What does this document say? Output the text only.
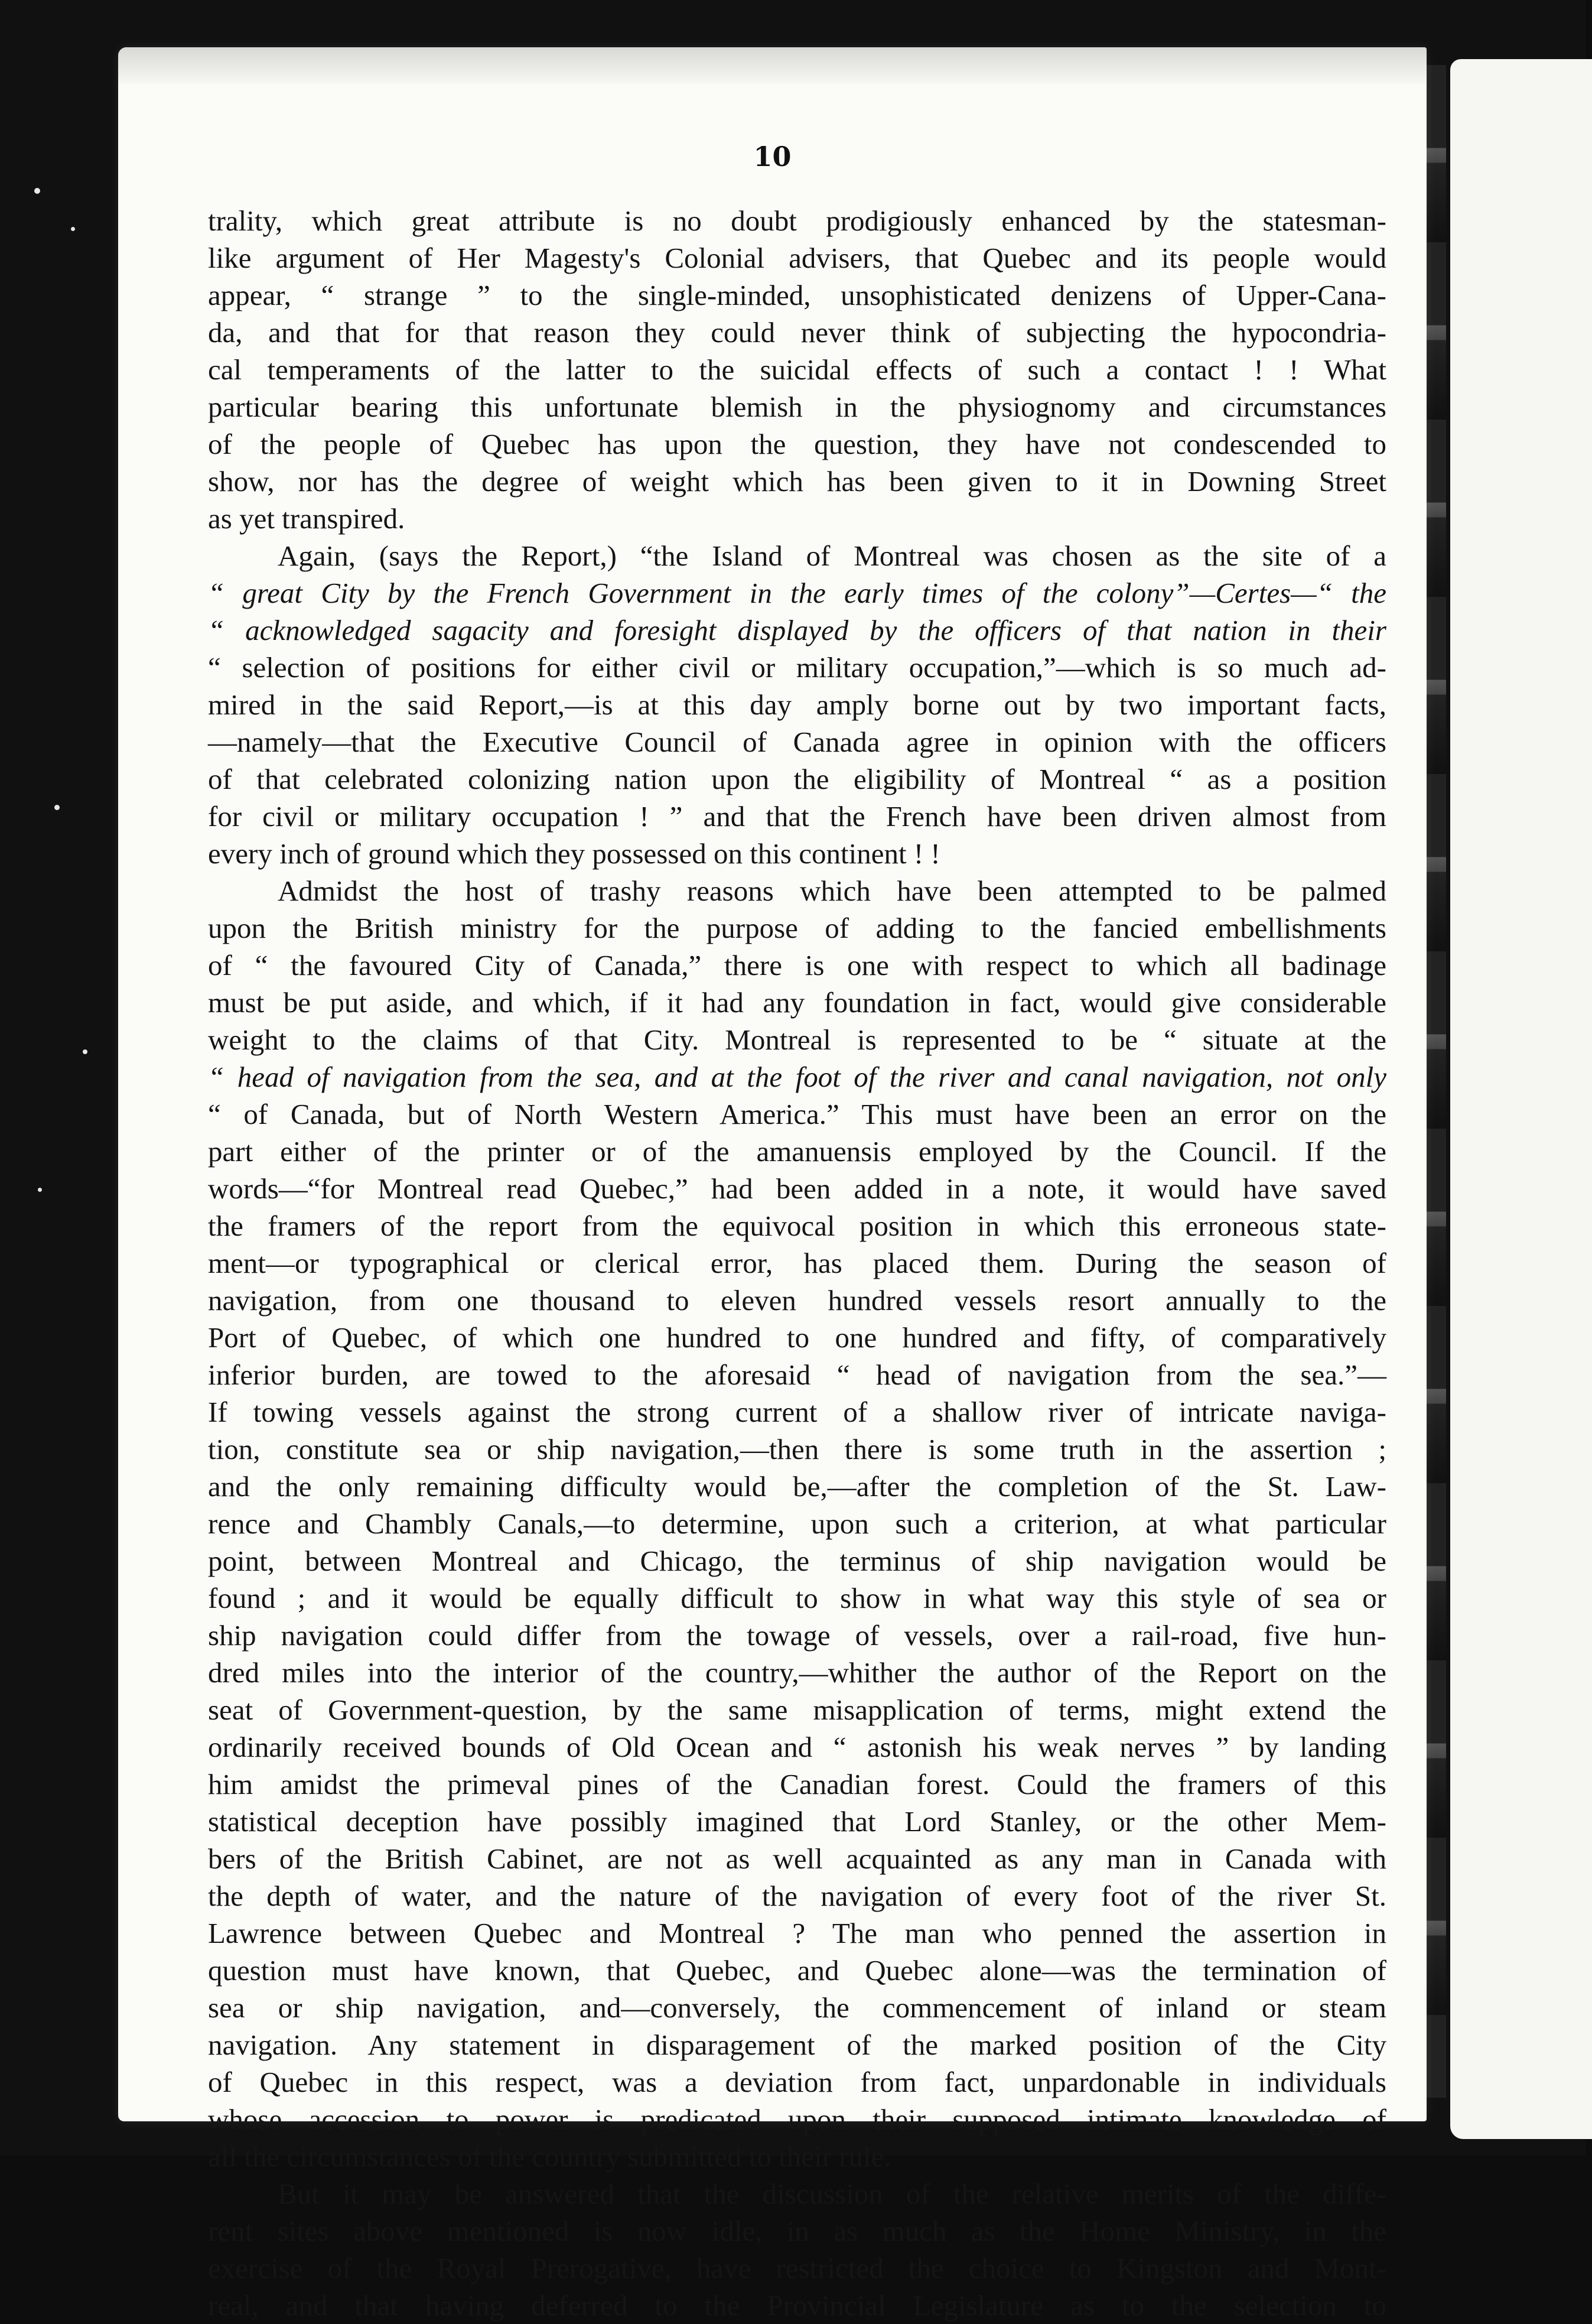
10
trality, which great attribute is no doubt prodigiously enhanced by the statesman-
like argument of Her Magesty's Colonial advisers, that Quebec and its people would
appear, “ strange ” to the single-minded, unsophisticated denizens of Upper-Cana-
da, and that for that reason they could never think of subjecting the hypocondria-
cal temperaments of the latter to the suicidal effects of such a contact ! ! What
particular bearing this unfortunate blemish in the physiognomy and circumstances
of the people of Quebec has upon the question, they have not condescended to
show, nor has the degree of weight which has been given to it in Downing Street
as yet transpired.
Again, (says the Report,) “the Island of Montreal was chosen as the site of a
“ great City by the French Government in the early times of the colony”—Certes—“ the
“ acknowledged sagacity and foresight displayed by the officers of that nation in their
“ selection of positions for either civil or military occupation,”—which is so much ad-
mired in the said Report,—is at this day amply borne out by two important facts,
—namely—that the Executive Council of Canada agree in opinion with the officers
of that celebrated colonizing nation upon the eligibility of Montreal “ as a position
for civil or military occupation ! ” and that the French have been driven almost from
every inch of ground which they possessed on this continent ! !
Admidst the host of trashy reasons which have been attempted to be palmed
upon the British ministry for the purpose of adding to the fancied embellishments
of “ the favoured City of Canada,” there is one with respect to which all badinage
must be put aside, and which, if it had any foundation in fact, would give considerable
weight to the claims of that City. Montreal is represented to be “ situate at the
“ head of navigation from the sea, and at the foot of the river and canal navigation, not only
“ of Canada, but of North Western America.” This must have been an error on the
part either of the printer or of the amanuensis employed by the Council. If the
words—“for Montreal read Quebec,” had been added in a note, it would have saved
the framers of the report from the equivocal position in which this erroneous state-
ment—or typographical or clerical error, has placed them. During the season of
navigation, from one thousand to eleven hundred vessels resort annually to the
Port of Quebec, of which one hundred to one hundred and fifty, of comparatively
inferior burden, are towed to the aforesaid “ head of navigation from the sea.”—
If towing vessels against the strong current of a shallow river of intricate naviga-
tion, constitute sea or ship navigation,—then there is some truth in the assertion ;
and the only remaining difficulty would be,—after the completion of the St. Law-
rence and Chambly Canals,—to determine, upon such a criterion, at what particular
point, between Montreal and Chicago, the terminus of ship navigation would be
found ; and it would be equally difficult to show in what way this style of sea or
ship navigation could differ from the towage of vessels, over a rail-road, five hun-
dred miles into the interior of the country,—whither the author of the Report on the
seat of Government-question, by the same misapplication of terms, might extend the
ordinarily received bounds of Old Ocean and “ astonish his weak nerves ” by landing
him amidst the primeval pines of the Canadian forest. Could the framers of this
statistical deception have possibly imagined that Lord Stanley, or the other Mem-
bers of the British Cabinet, are not as well acquainted as any man in Canada with
the depth of water, and the nature of the navigation of every foot of the river St.
Lawrence between Quebec and Montreal ? The man who penned the assertion in
question must have known, that Quebec, and Quebec alone—was the termination of
sea or ship navigation, and—conversely, the commencement of inland or steam
navigation. Any statement in disparagement of the marked position of the City
of Quebec in this respect, was a deviation from fact, unpardonable in individuals
whose accession to power is predicated upon their supposed intimate knowledge of
all the circumstances of the country submitted to their rule.
But it may be answered that the discussion of the relative merits of the diffe-
rent sites above mentioned is now idle, in as much as the Home Ministry, in the
exercise of the Royal Prerogative, have restricted the choice to Kingston and Mont-
real, and that having deferred to the Provincial Legislature as to the selection to
